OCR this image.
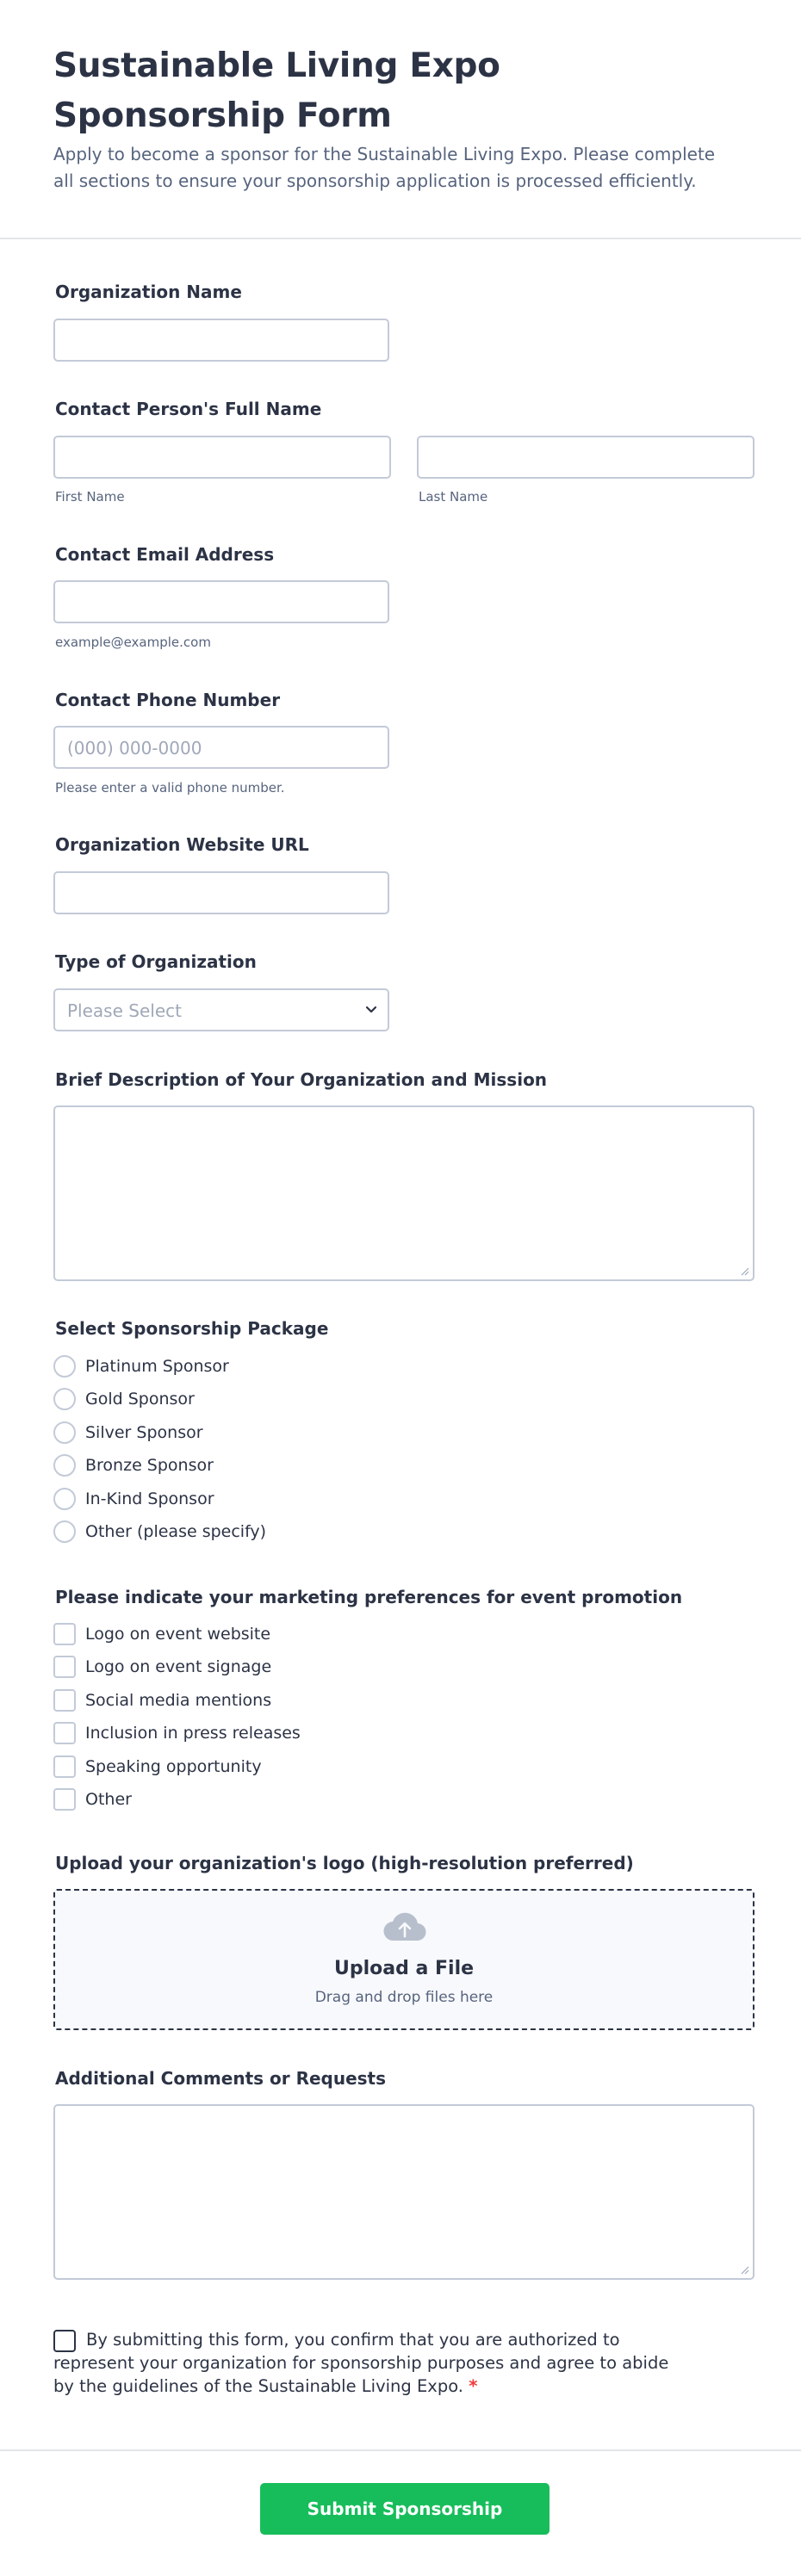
Sustainable Living Expo Sponsorship Form
Apply to become a sponsor for the Sustainable Living Expo. Please complete all sections to ensure your sponsorship application is processed efficiently.
Organization Name
Contact Person's Full Name
First Name	Last Name
Contact Email Address
example@example.com
Contact Phone Number
(000) 000-0000
Please enter a valid phone number.
Organization Website URL
Type of Organization
Please Select
Brief Description of Your Organization and Mission
Select Sponsorship Package
Platinum Sponsor
Gold Sponsor
Silver Sponsor
Bronze Sponsor
In-Kind Sponsor
Other (please specify)
Please indicate your marketing preferences for event promotion
Logo on event website
Logo on event signage
Social media mentions
Inclusion in press releases
Speaking opportunity
Other
Upload your organization's logo (high-resolution preferred)
Upload a File
Drag and drop files here
Additional Comments or Requests
By submitting this form, you confirm that you are authorized to represent your organization for sponsorship purposes and agree to abide by the guidelines of the Sustainable Living Expo. *
Submit Sponsorship Application
